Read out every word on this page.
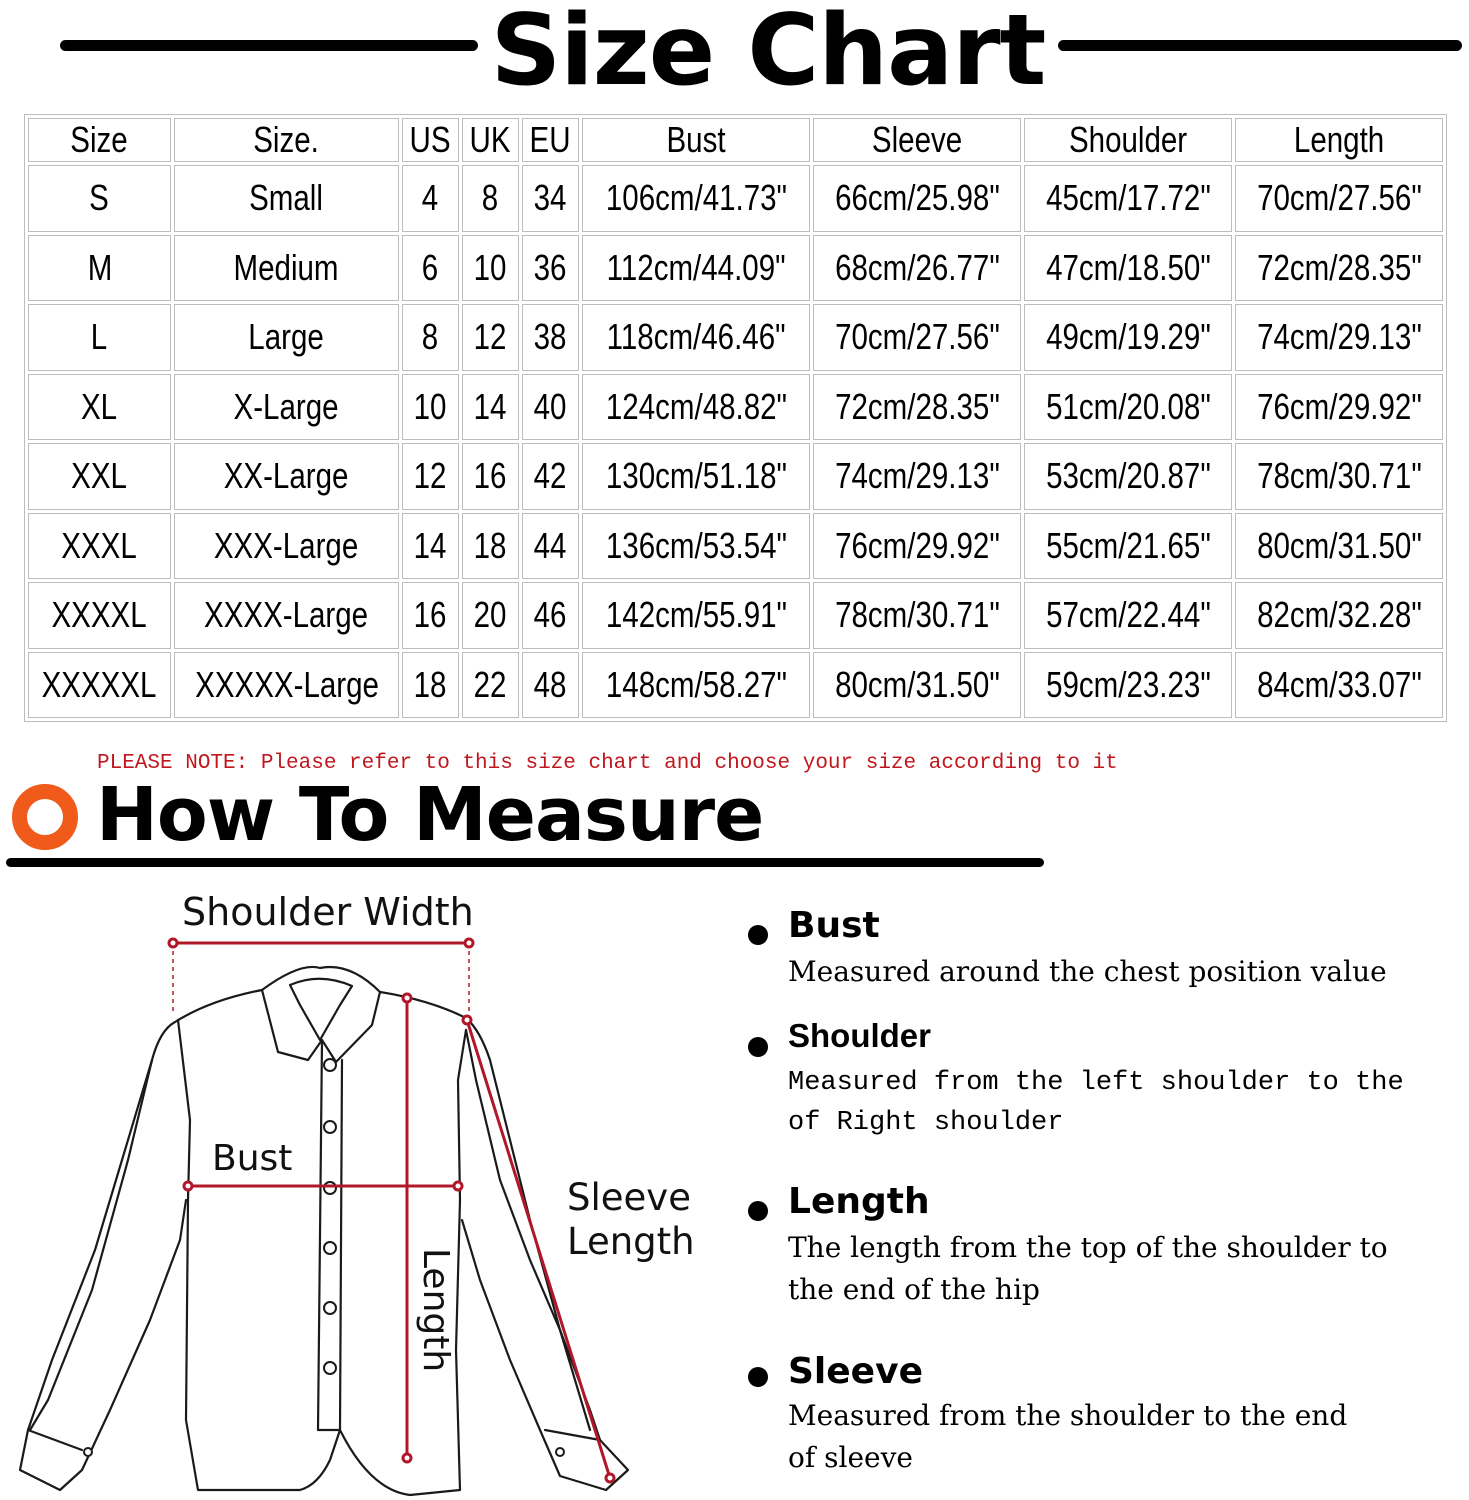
Size Chart
Size	Size.	US	UK	EU	Bust	Sleeve	Shoulder	Length
S	Small	4	8	34	106cm/41.73"	66cm/25.98"	45cm/17.72"	70cm/27.56"
M	Medium	6	10	36	112cm/44.09"	68cm/26.77"	47cm/18.50"	72cm/28.35"
L	Large	8	12	38	118cm/46.46"	70cm/27.56"	49cm/19.29"	74cm/29.13"
XL	X-Large	10	14	40	124cm/48.82"	72cm/28.35"	51cm/20.08"	76cm/29.92"
XXL	XX-Large	12	16	42	130cm/51.18"	74cm/29.13"	53cm/20.87"	78cm/30.71"
XXXL	XXX-Large	14	18	44	136cm/53.54"	76cm/29.92"	55cm/21.65"	80cm/31.50"
XXXXL	XXXX-Large	16	20	46	142cm/55.91"	78cm/30.71"	57cm/22.44"	82cm/32.28"
XXXXXL	XXXXX-Large	18	22	48	148cm/58.27"	80cm/31.50"	59cm/23.23"	84cm/33.07"
PLEASE NOTE: Please refer to this size chart and choose your size according to it
How To Measure
Shoulder Width
Bust
Sleeve
Length
Length
Bust
Measured around the chest position value
Shoulder
Measured from the left shoulder to the
of Right shoulder
Length
The length from the top of the shoulder to
the end of the hip
Sleeve
Measured from the shoulder to the end
of sleeve
